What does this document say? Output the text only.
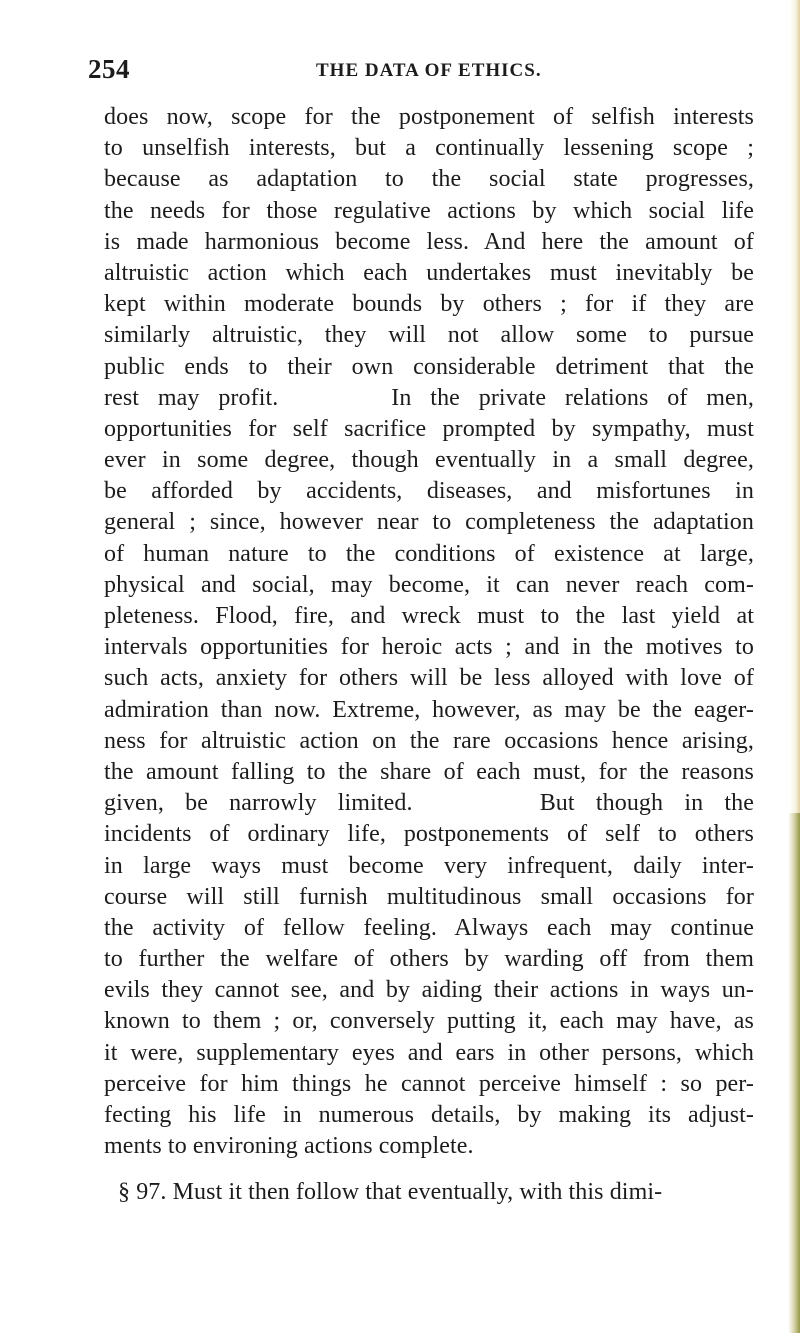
254	THE DATA OF ETHICS.
does now, scope for the postponement of selfish interests
to unselfish interests, but a continually lessening scope ;
because as adaptation to the social state progresses,
the needs for those regulative actions by which social life
is made harmonious become less. And here the amount of
altruistic action which each undertakes must inevitably be
kept within moderate bounds by others ; for if they are
similarly altruistic, they will not allow some to pursue
public ends to their own considerable detriment that the
rest may profit.      In the private relations of men,
opportunities for self sacrifice prompted by sympathy, must
ever in some degree, though eventually in a small degree,
be afforded by accidents, diseases, and misfortunes in
general ; since, however near to completeness the adaptation
of human nature to the conditions of existence at large,
physical and social, may become, it can never reach com-
pleteness. Flood, fire, and wreck must to the last yield at
intervals opportunities for heroic acts ; and in the motives to
such acts, anxiety for others will be less alloyed with love of
admiration than now. Extreme, however, as may be the eager-
ness for altruistic action on the rare occasions hence arising,
the amount falling to the share of each must, for the reasons
given, be narrowly limited.      But though in the
incidents of ordinary life, postponements of self to others
in large ways must become very infrequent, daily inter-
course will still furnish multitudinous small occasions for
the activity of fellow feeling. Always each may continue
to further the welfare of others by warding off from them
evils they cannot see, and by aiding their actions in ways un-
known to them ; or, conversely putting it, each may have, as
it were, supplementary eyes and ears in other persons, which
perceive for him things he cannot perceive himself : so per-
fecting his life in numerous details, by making its adjust-
ments to environing actions complete.
§ 97. Must it then follow that eventually, with this dimi-
